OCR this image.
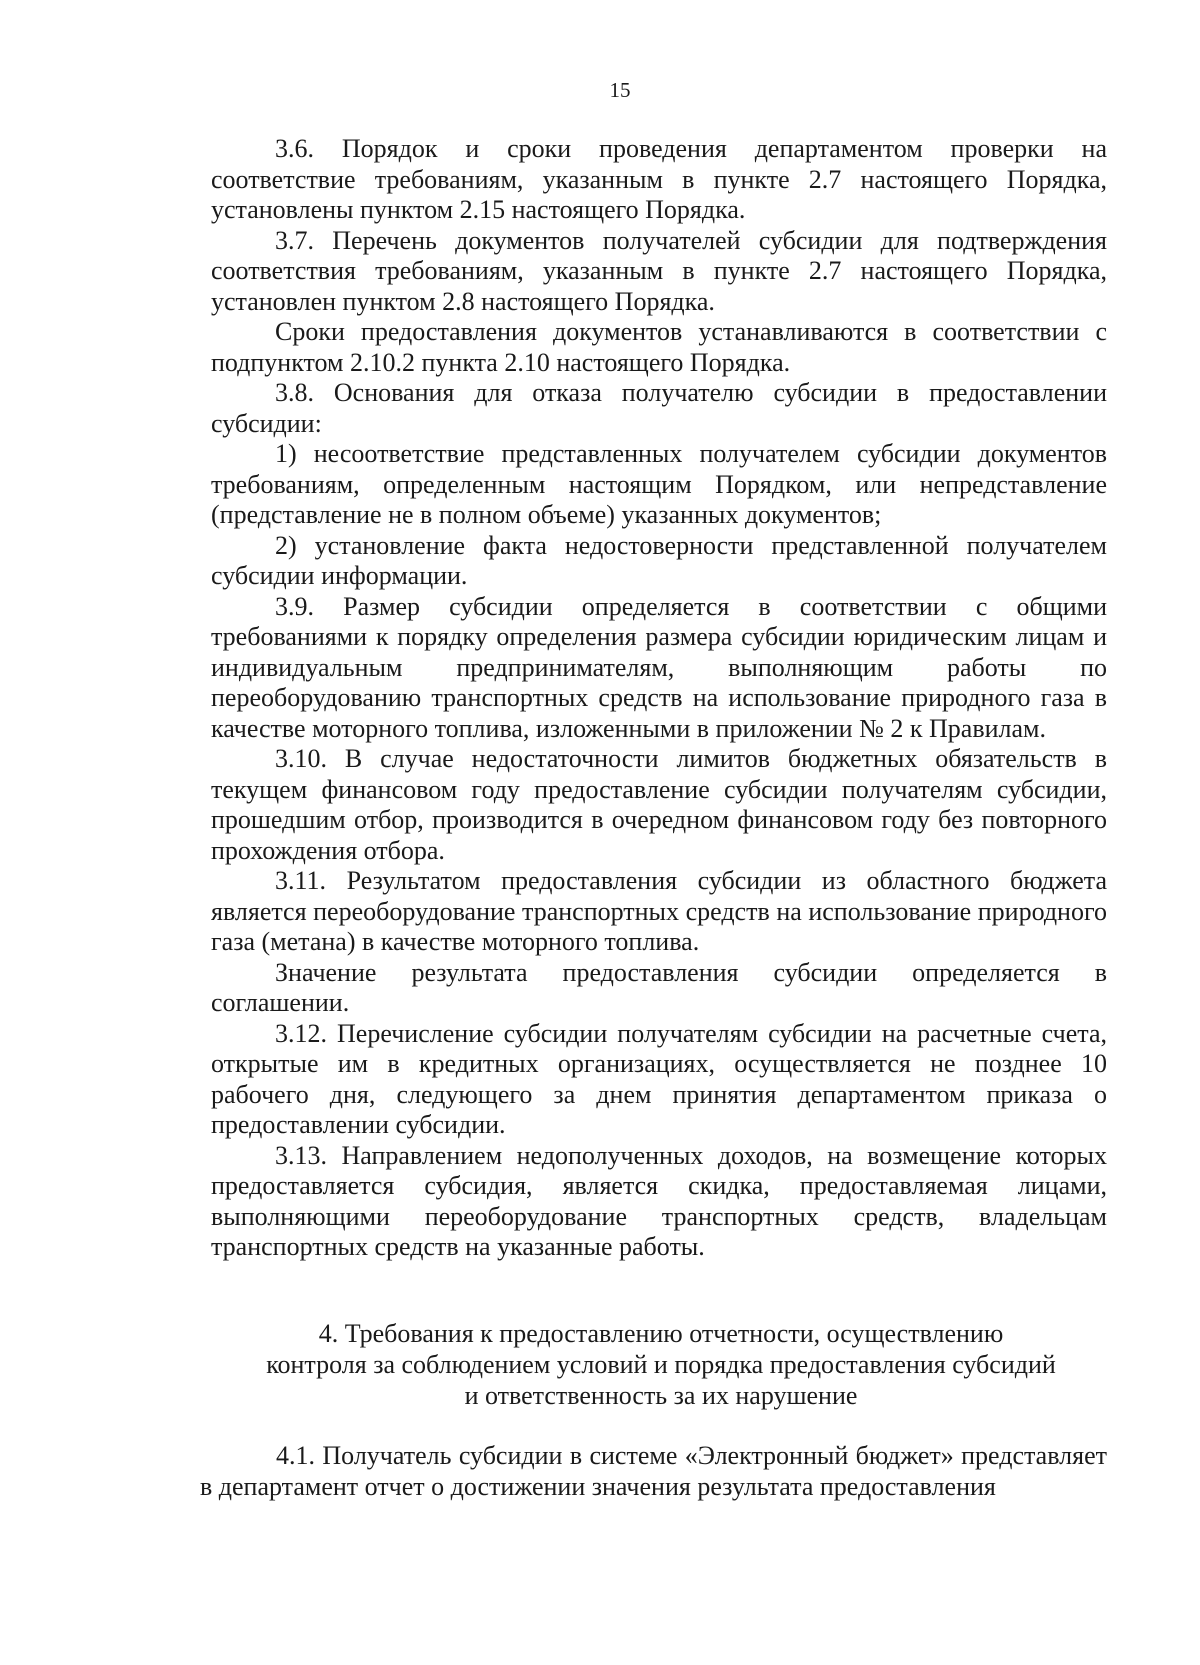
15

3.6. Порядок и сроки проведения департаментом проверки на соответствие требованиям, указанным в пункте 2.7 настоящего Порядка, установлены пунктом 2.15 настоящего Порядка.

3.7. Перечень документов получателей субсидии для подтверждения соответствия требованиям, указанным в пункте 2.7 настоящего Порядка, установлен пунктом 2.8 настоящего Порядка.

Сроки предоставления документов устанавливаются в соответствии с подпунктом 2.10.2 пункта 2.10 настоящего Порядка.

3.8. Основания для отказа получателю субсидии в предоставлении субсидии:

1) несоответствие представленных получателем субсидии документов требованиям, определенным настоящим Порядком, или непредставление (представление не в полном объеме) указанных документов;

2) установление факта недостоверности представленной получателем субсидии информации.

3.9. Размер субсидии определяется в соответствии с общими требованиями к порядку определения размера субсидии юридическим лицам и индивидуальным предпринимателям, выполняющим работы по переоборудованию транспортных средств на использование природного газа в качестве моторного топлива, изложенными в приложении № 2 к Правилам.

3.10. В случае недостаточности лимитов бюджетных обязательств в текущем финансовом году предоставление субсидии получателям субсидии, прошедшим отбор, производится в очередном финансовом году без повторного прохождения отбора.

3.11. Результатом предоставления субсидии из областного бюджета является переоборудование транспортных средств на использование природного газа (метана) в качестве моторного топлива.

Значение результата предоставления субсидии определяется в соглашении.

3.12. Перечисление субсидии получателям субсидии на расчетные счета, открытые им в кредитных организациях, осуществляется не позднее 10 рабочего дня, следующего за днем принятия департаментом приказа о предоставлении субсидии.

3.13. Направлением недополученных доходов, на возмещение которых предоставляется субсидия, является скидка, предоставляемая лицами, выполняющими переоборудование транспортных средств, владельцам транспортных средств на указанные работы.

4. Требования к предоставлению отчетности, осуществлению
контроля за соблюдением условий и порядка предоставления субсидий
и ответственность за их нарушение

4.1. Получатель субсидии в системе «Электронный бюджет» представляет в департамент отчет о достижении значения результата предоставления
